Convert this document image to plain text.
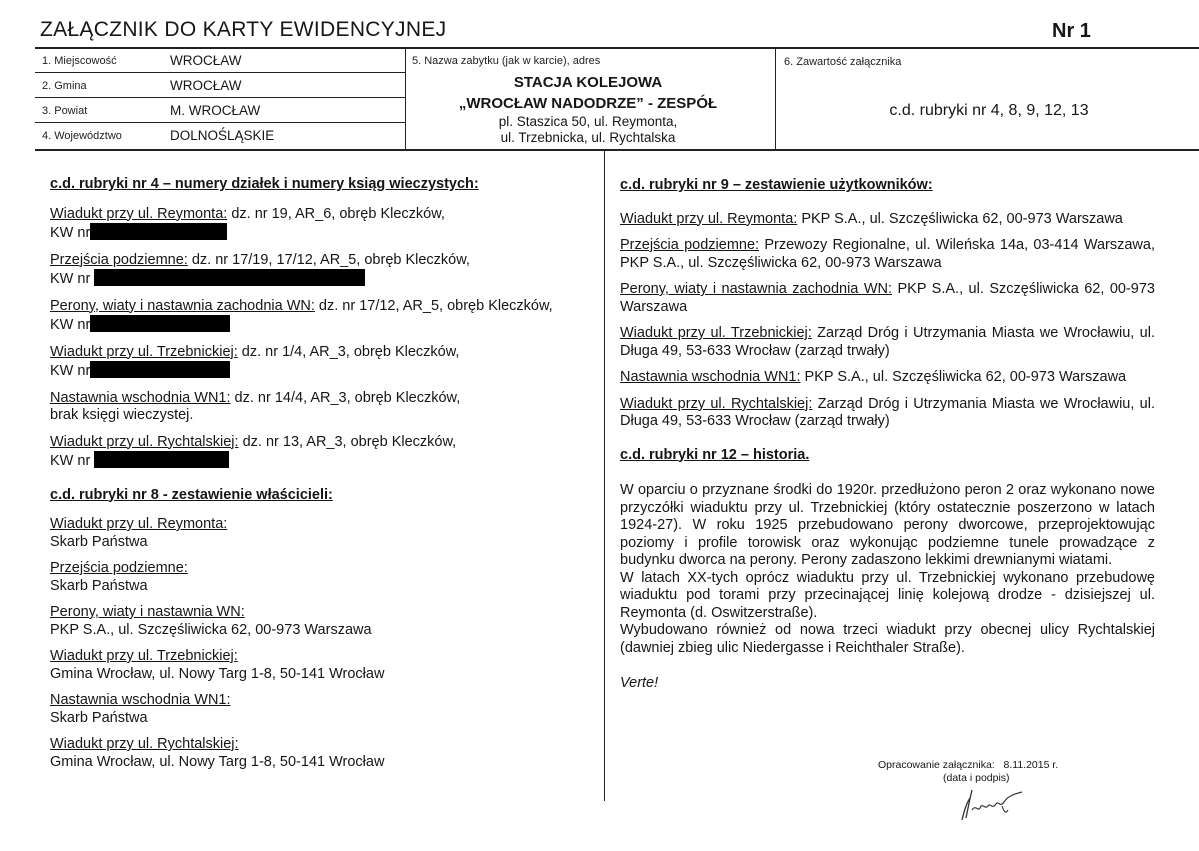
ZAŁĄCZNIK DO KARTY EWIDENCYJNEJ	Nr 1
1. Miejscowość	WROCŁAW
2. Gmina	WROCŁAW
3. Powiat	M. WROCŁAW
4. Województwo	DOLNOŚLĄSKIE
5. Nazwa zabytku (jak w karcie), adres
STACJA KOLEJOWA
„WROCŁAW NADODRZE” - ZESPÓŁ
pl. Staszica 50, ul. Reymonta,
ul. Trzebnicka, ul. Rychtalska
6. Zawartość załącznika
c.d. rubryki nr 4, 8, 9, 12, 13
c.d. rubryki nr 4 – numery działek i numery ksiąg wieczystych:
Wiadukt przy ul. Reymonta: dz. nr 19, AR_6, obręb Kleczków,
KW nr
Przejścia podziemne: dz. nr 17/19, 17/12, AR_5, obręb Kleczków,
KW nr
Perony, wiaty i nastawnia zachodnia WN: dz. nr 17/12, AR_5, obręb Kleczków,
KW nr
Wiadukt przy ul. Trzebnickiej: dz. nr 1/4, AR_3, obręb Kleczków,
KW nr
Nastawnia wschodnia WN1: dz. nr 14/4, AR_3, obręb Kleczków,
brak księgi wieczystej.
Wiadukt przy ul. Rychtalskiej: dz. nr 13, AR_3, obręb Kleczków,
KW nr
c.d. rubryki nr 8 - zestawienie właścicieli:
Wiadukt przy ul. Reymonta:
Skarb Państwa
Przejścia podziemne:
Skarb Państwa
Perony, wiaty i nastawnia WN:
PKP S.A., ul. Szczęśliwicka 62, 00-973 Warszawa
Wiadukt przy ul. Trzebnickiej:
Gmina Wrocław, ul. Nowy Targ 1-8, 50-141 Wrocław
Nastawnia wschodnia WN1:
Skarb Państwa
Wiadukt przy ul. Rychtalskiej:
Gmina Wrocław, ul. Nowy Targ 1-8, 50-141 Wrocław
c.d. rubryki nr 9 – zestawienie użytkowników:
Wiadukt przy ul. Reymonta: PKP S.A., ul. Szczęśliwicka 62, 00-973 Warszawa
Przejścia podziemne: Przewozy Regionalne, ul. Wileńska 14a, 03-414 Warszawa, PKP S.A., ul. Szczęśliwicka 62, 00-973 Warszawa
Perony, wiaty i nastawnia zachodnia WN: PKP S.A., ul. Szczęśliwicka 62, 00-973 Warszawa
Wiadukt przy ul. Trzebnickiej: Zarząd Dróg i Utrzymania Miasta we Wrocławiu, ul. Długa 49, 53-633 Wrocław (zarząd trwały)
Nastawnia wschodnia WN1: PKP S.A., ul. Szczęśliwicka 62, 00-973 Warszawa
Wiadukt przy ul. Rychtalskiej: Zarząd Dróg i Utrzymania Miasta we Wrocławiu, ul. Długa 49, 53-633 Wrocław (zarząd trwały)
c.d. rubryki nr 12 – historia.
W oparciu o przyznane środki do 1920r. przedłużono peron 2 oraz wykonano nowe przyczółki wiaduktu przy ul. Trzebnickiej (który ostatecznie poszerzono w latach 1924-27). W roku 1925 przebudowano perony dworcowe, przeprojektowując poziomy i profile torowisk oraz wykonując podziemne tunele prowadzące z budynku dworca na perony. Perony zadaszono lekkimi drewnianymi wiatami.
W latach XX-tych oprócz wiaduktu przy ul. Trzebnickiej wykonano przebudowę wiaduktu pod torami przy przecinającej linię kolejową drodze - dzisiejszej ul. Reymonta (d. Oswitzerstraße).
Wybudowano również od nowa trzeci wiadukt przy obecnej ulicy Rychtalskiej (dawniej zbieg ulic Niedergasse i Reichthaler Straße).
Verte!
Opracowanie załącznika: 8.11.2015 r.
(data i podpis)
